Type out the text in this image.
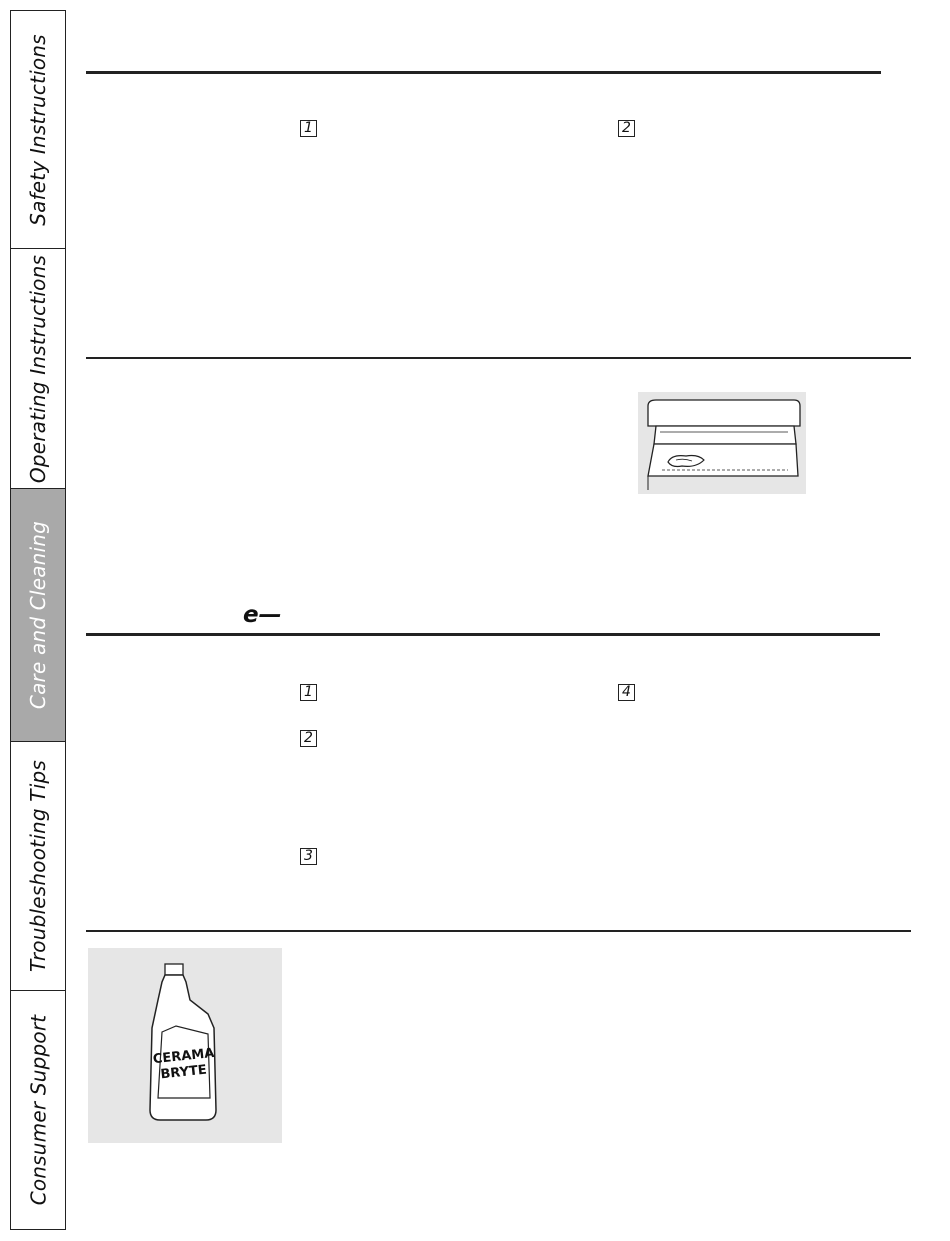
Safety Instructions
Operating Instructions
Care and Cleaning
Troubleshooting Tips
Consumer Support
1	2
e—
1	4
2
3
CERAMA
BRYTE
